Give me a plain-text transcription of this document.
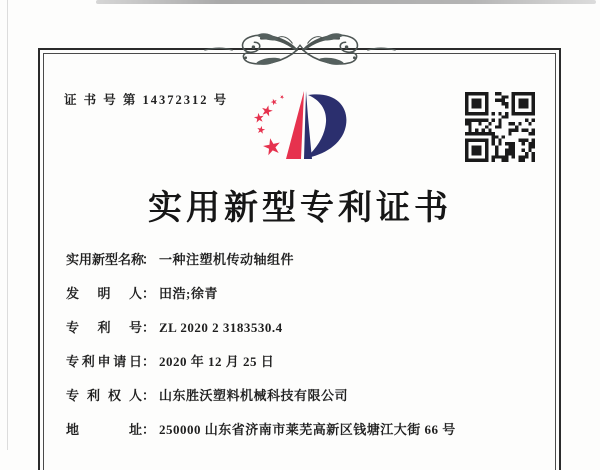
证 书 号 第 14372312 号
实用新型专利证书
实用新型名称： 一种注塑机传动轴组件
发 明 人： 田浩;徐青
专 利 号： ZL 2020 2 3183530.4
专利申请日： 2020 年 12 月 25 日
专 利 权 人： 山东胜沃塑料机械科技有限公司
地 址： 250000 山东省济南市莱芜高新区钱塘江大街 66 号
